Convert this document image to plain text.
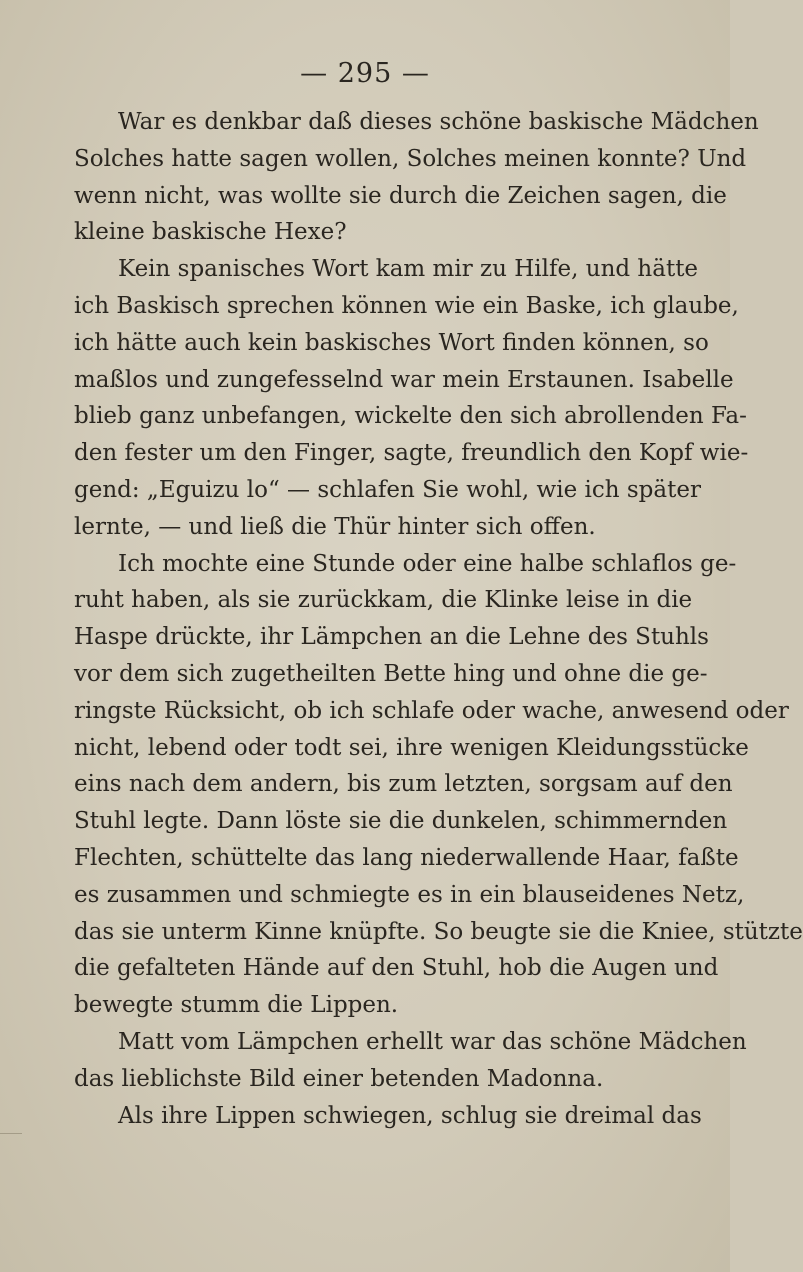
— 295 —
War es denkbar daß dieses schöne baskische Mädchen
Solches hatte sagen wollen, Solches meinen konnte? Und
wenn nicht, was wollte sie durch die Zeichen sagen, die
kleine baskische Hexe?
Kein spanisches Wort kam mir zu Hilfe, und hätte
ich Baskisch sprechen können wie ein Baske, ich glaube,
ich hätte auch kein baskisches Wort finden können, so
maßlos und zungefesselnd war mein Erstaunen. Isabelle
blieb ganz unbefangen, wickelte den sich abrollenden Fa-
den fester um den Finger, sagte, freundlich den Kopf wie-
gend: „Eguizu lo“ — schlafen Sie wohl, wie ich später
lernte, — und ließ die Thür hinter sich offen.
Ich mochte eine Stunde oder eine halbe schlaflos ge-
ruht haben, als sie zurückkam, die Klinke leise in die
Haspe drückte, ihr Lämpchen an die Lehne des Stuhls
vor dem sich zugetheilten Bette hing und ohne die ge-
ringste Rücksicht, ob ich schlafe oder wache, anwesend oder
nicht, lebend oder todt sei, ihre wenigen Kleidungsstücke
eins nach dem andern, bis zum letzten, sorgsam auf den
Stuhl legte. Dann löste sie die dunkelen, schimmernden
Flechten, schüttelte das lang niederwallende Haar, faßte
es zusammen und schmiegte es in ein blauseidenes Netz,
das sie unterm Kinne knüpfte. So beugte sie die Kniee, stützte
die gefalteten Hände auf den Stuhl, hob die Augen und
bewegte stumm die Lippen.
Matt vom Lämpchen erhellt war das schöne Mädchen
das lieblichste Bild einer betenden Madonna.
Als ihre Lippen schwiegen, schlug sie dreimal das
